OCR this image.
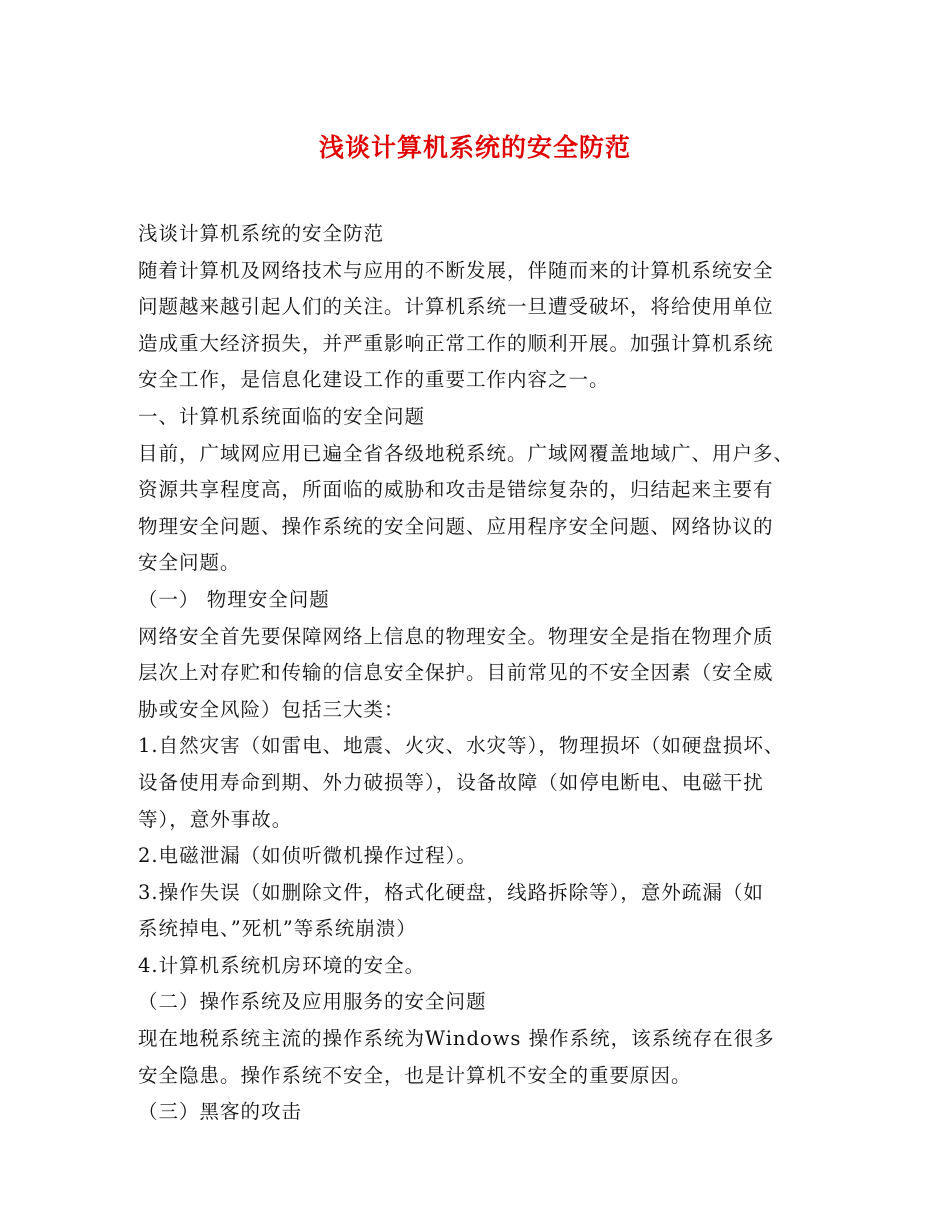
浅谈计算机系统的安全防范
浅谈计算机系统的安全防范
随着计算机及网络技术与应用的不断发展，伴随而来的计算机系统安全
问题越来越引起人们的关注。计算机系统一旦遭受破坏，将给使用单位
造成重大经济损失，并严重影响正常工作的顺利开展。加强计算机系统
安全工作，是信息化建设工作的重要工作内容之一。
一、计算机系统面临的安全问题
目前，广域网应用已遍全省各级地税系统。广域网覆盖地域广、用户多、
资源共享程度高，所面临的威胁和攻击是错综复杂的，归结起来主要有
物理安全问题、操作系统的安全问题、应用程序安全问题、网络协议的
安全问题。
（一） 物理安全问题
网络安全首先要保障网络上信息的物理安全。物理安全是指在物理介质
层次上对存贮和传输的信息安全保护。目前常见的不安全因素（安全威
胁或安全风险）包括三大类：
1.自然灾害（如雷电、地震、火灾、水灾等），物理损坏（如硬盘损坏、
设备使用寿命到期、外力破损等），设备故障（如停电断电、电磁干扰
等），意外事故。
2.电磁泄漏（如侦听微机操作过程）。
3.操作失误（如删除文件，格式化硬盘，线路拆除等），意外疏漏（如
系统掉电、”死机”等系统崩溃）
4.计算机系统机房环境的安全。
（二）操作系统及应用服务的安全问题
现在地税系统主流的操作系统为Windows 操作系统，该系统存在很多
安全隐患。操作系统不安全，也是计算机不安全的重要原因。
（三）黑客的攻击
